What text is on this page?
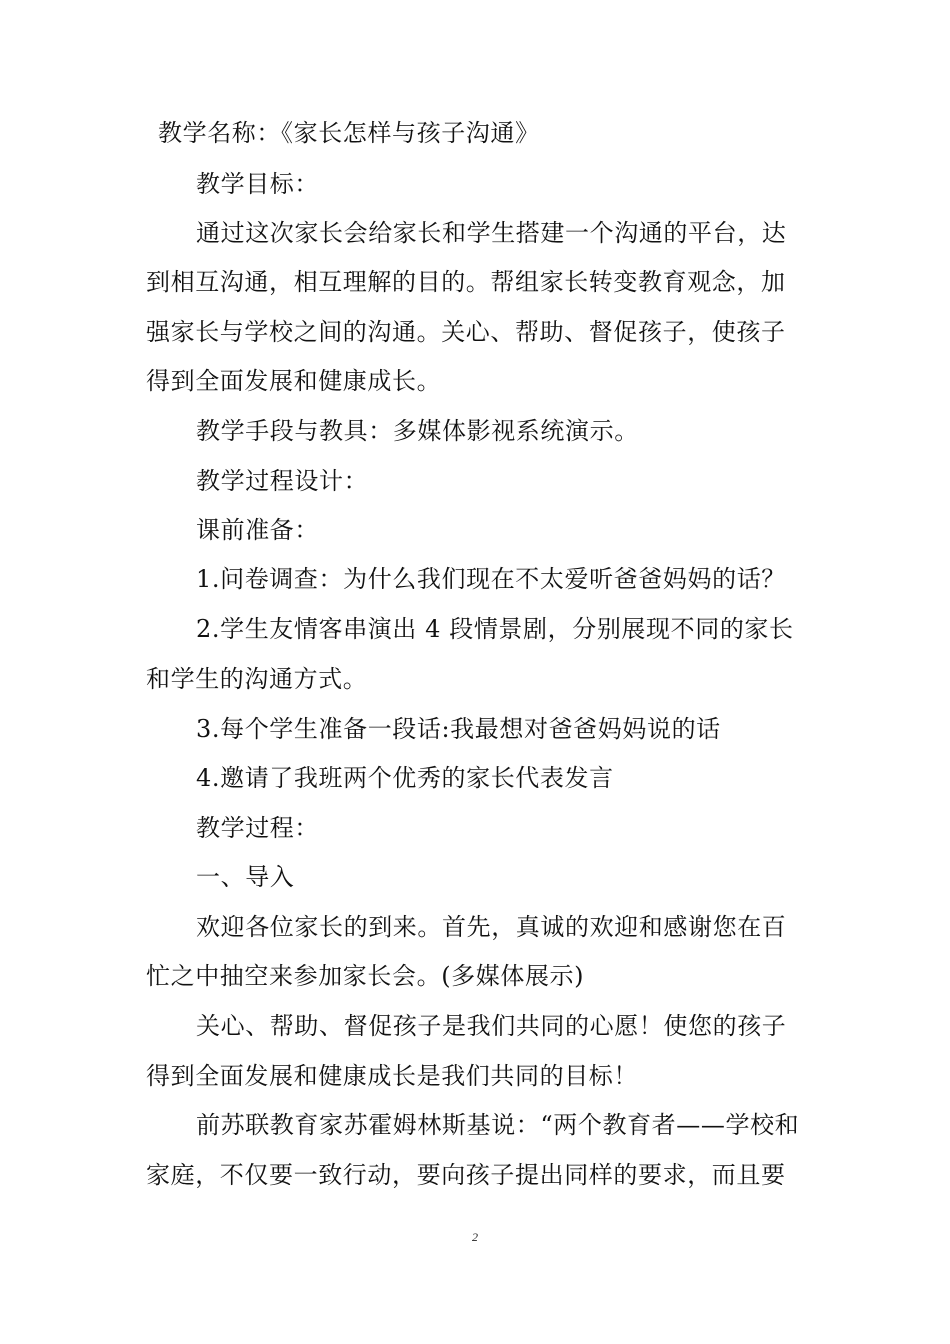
教学名称：《家长怎样与孩子沟通》
教学目标：
通过这次家长会给家长和学生搭建一个沟通的平台，达
到相互沟通，相互理解的目的。帮组家长转变教育观念，加
强家长与学校之间的沟通。关心、帮助、督促孩子，使孩子
得到全面发展和健康成长。
教学手段与教具：多媒体影视系统演示。
教学过程设计：
课前准备：
1.问卷调查：为什么我们现在不太爱听爸爸妈妈的话？
2.学生友情客串演出 4 段情景剧，分别展现不同的家长
和学生的沟通方式。
3.每个学生准备一段话:我最想对爸爸妈妈说的话
4.邀请了我班两个优秀的家长代表发言
教学过程：
一、导入
欢迎各位家长的到来。首先，真诚的欢迎和感谢您在百
忙之中抽空来参加家长会。(多媒体展示)
关心、帮助、督促孩子是我们共同的心愿！使您的孩子
得到全面发展和健康成长是我们共同的目标！
前苏联教育家苏霍姆林斯基说：“两个教育者——学校和
家庭，不仅要一致行动，要向孩子提出同样的要求，而且要
2
